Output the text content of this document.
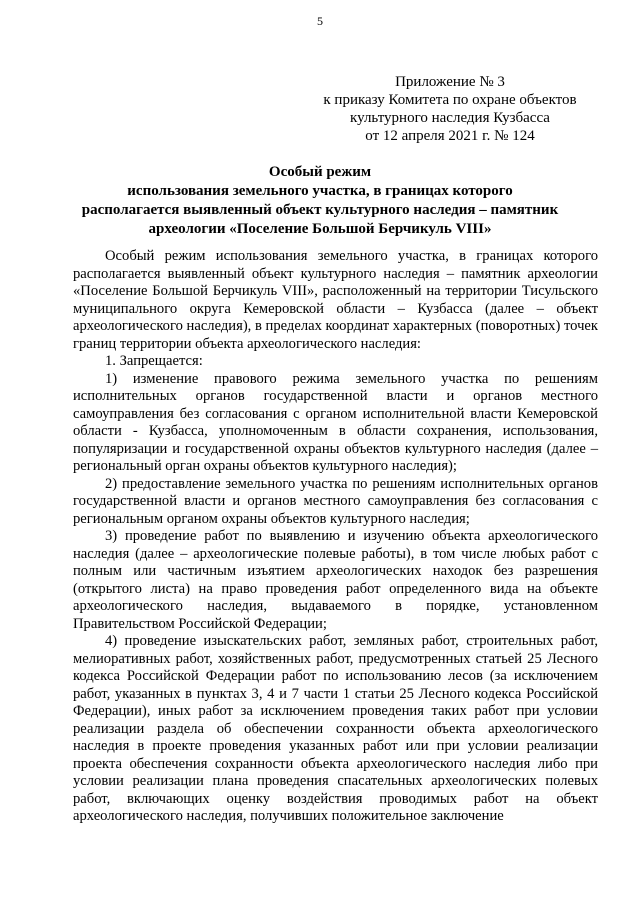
5
Приложение № 3
к приказу Комитета по охране объектов
культурного наследия Кузбасса
от 12 апреля 2021 г. № 124
Особый режим
использования земельного участка, в границах которого
располагается выявленный объект культурного наследия – памятник
археологии «Поселение Большой Берчикуль VIII»

Особый режим использования земельного участка, в границах которого располагается выявленный объект культурного наследия – памятник археологии «Поселение Большой Берчикуль VIII», расположенный на территории Тисульского муниципального округа Кемеровской области – Кузбасса (далее – объект археологического наследия), в пределах координат характерных (поворотных) точек границ территории объекта археологического наследия:

1. Запрещается:

1) изменение правового режима земельного участка по решениям исполнительных органов государственной власти и органов местного самоуправления без согласования с органом исполнительной власти Кемеровской области - Кузбасса, уполномоченным в области сохранения, использования, популяризации и государственной охраны объектов культурного наследия (далее – региональный орган охраны объектов культурного наследия);

2) предоставление земельного участка по решениям исполнительных органов государственной власти и органов местного самоуправления без согласования с региональным органом охраны объектов культурного наследия;

3) проведение работ по выявлению и изучению объекта археологического наследия (далее – археологические полевые работы), в том числе любых работ с полным или частичным изъятием археологических находок без разрешения (открытого листа) на право проведения работ определенного вида на объекте археологического наследия, выдаваемого в порядке, установленном Правительством Российской Федерации;

4) проведение изыскательских работ, земляных работ, строительных работ, мелиоративных работ, хозяйственных работ, предусмотренных статьей 25 Лесного кодекса Российской Федерации работ по использованию лесов (за исключением работ, указанных в пунктах 3, 4 и 7 части 1 статьи 25 Лесного кодекса Российской Федерации), иных работ за исключением проведения таких работ при условии реализации раздела об обеспечении сохранности объекта археологического наследия в проекте проведения указанных работ или при условии реализации проекта обеспечения сохранности объекта археологического наследия либо при условии реализации плана проведения спасательных археологических полевых работ, включающих оценку воздействия проводимых работ на объект археологического наследия, получивших положительное заключение
